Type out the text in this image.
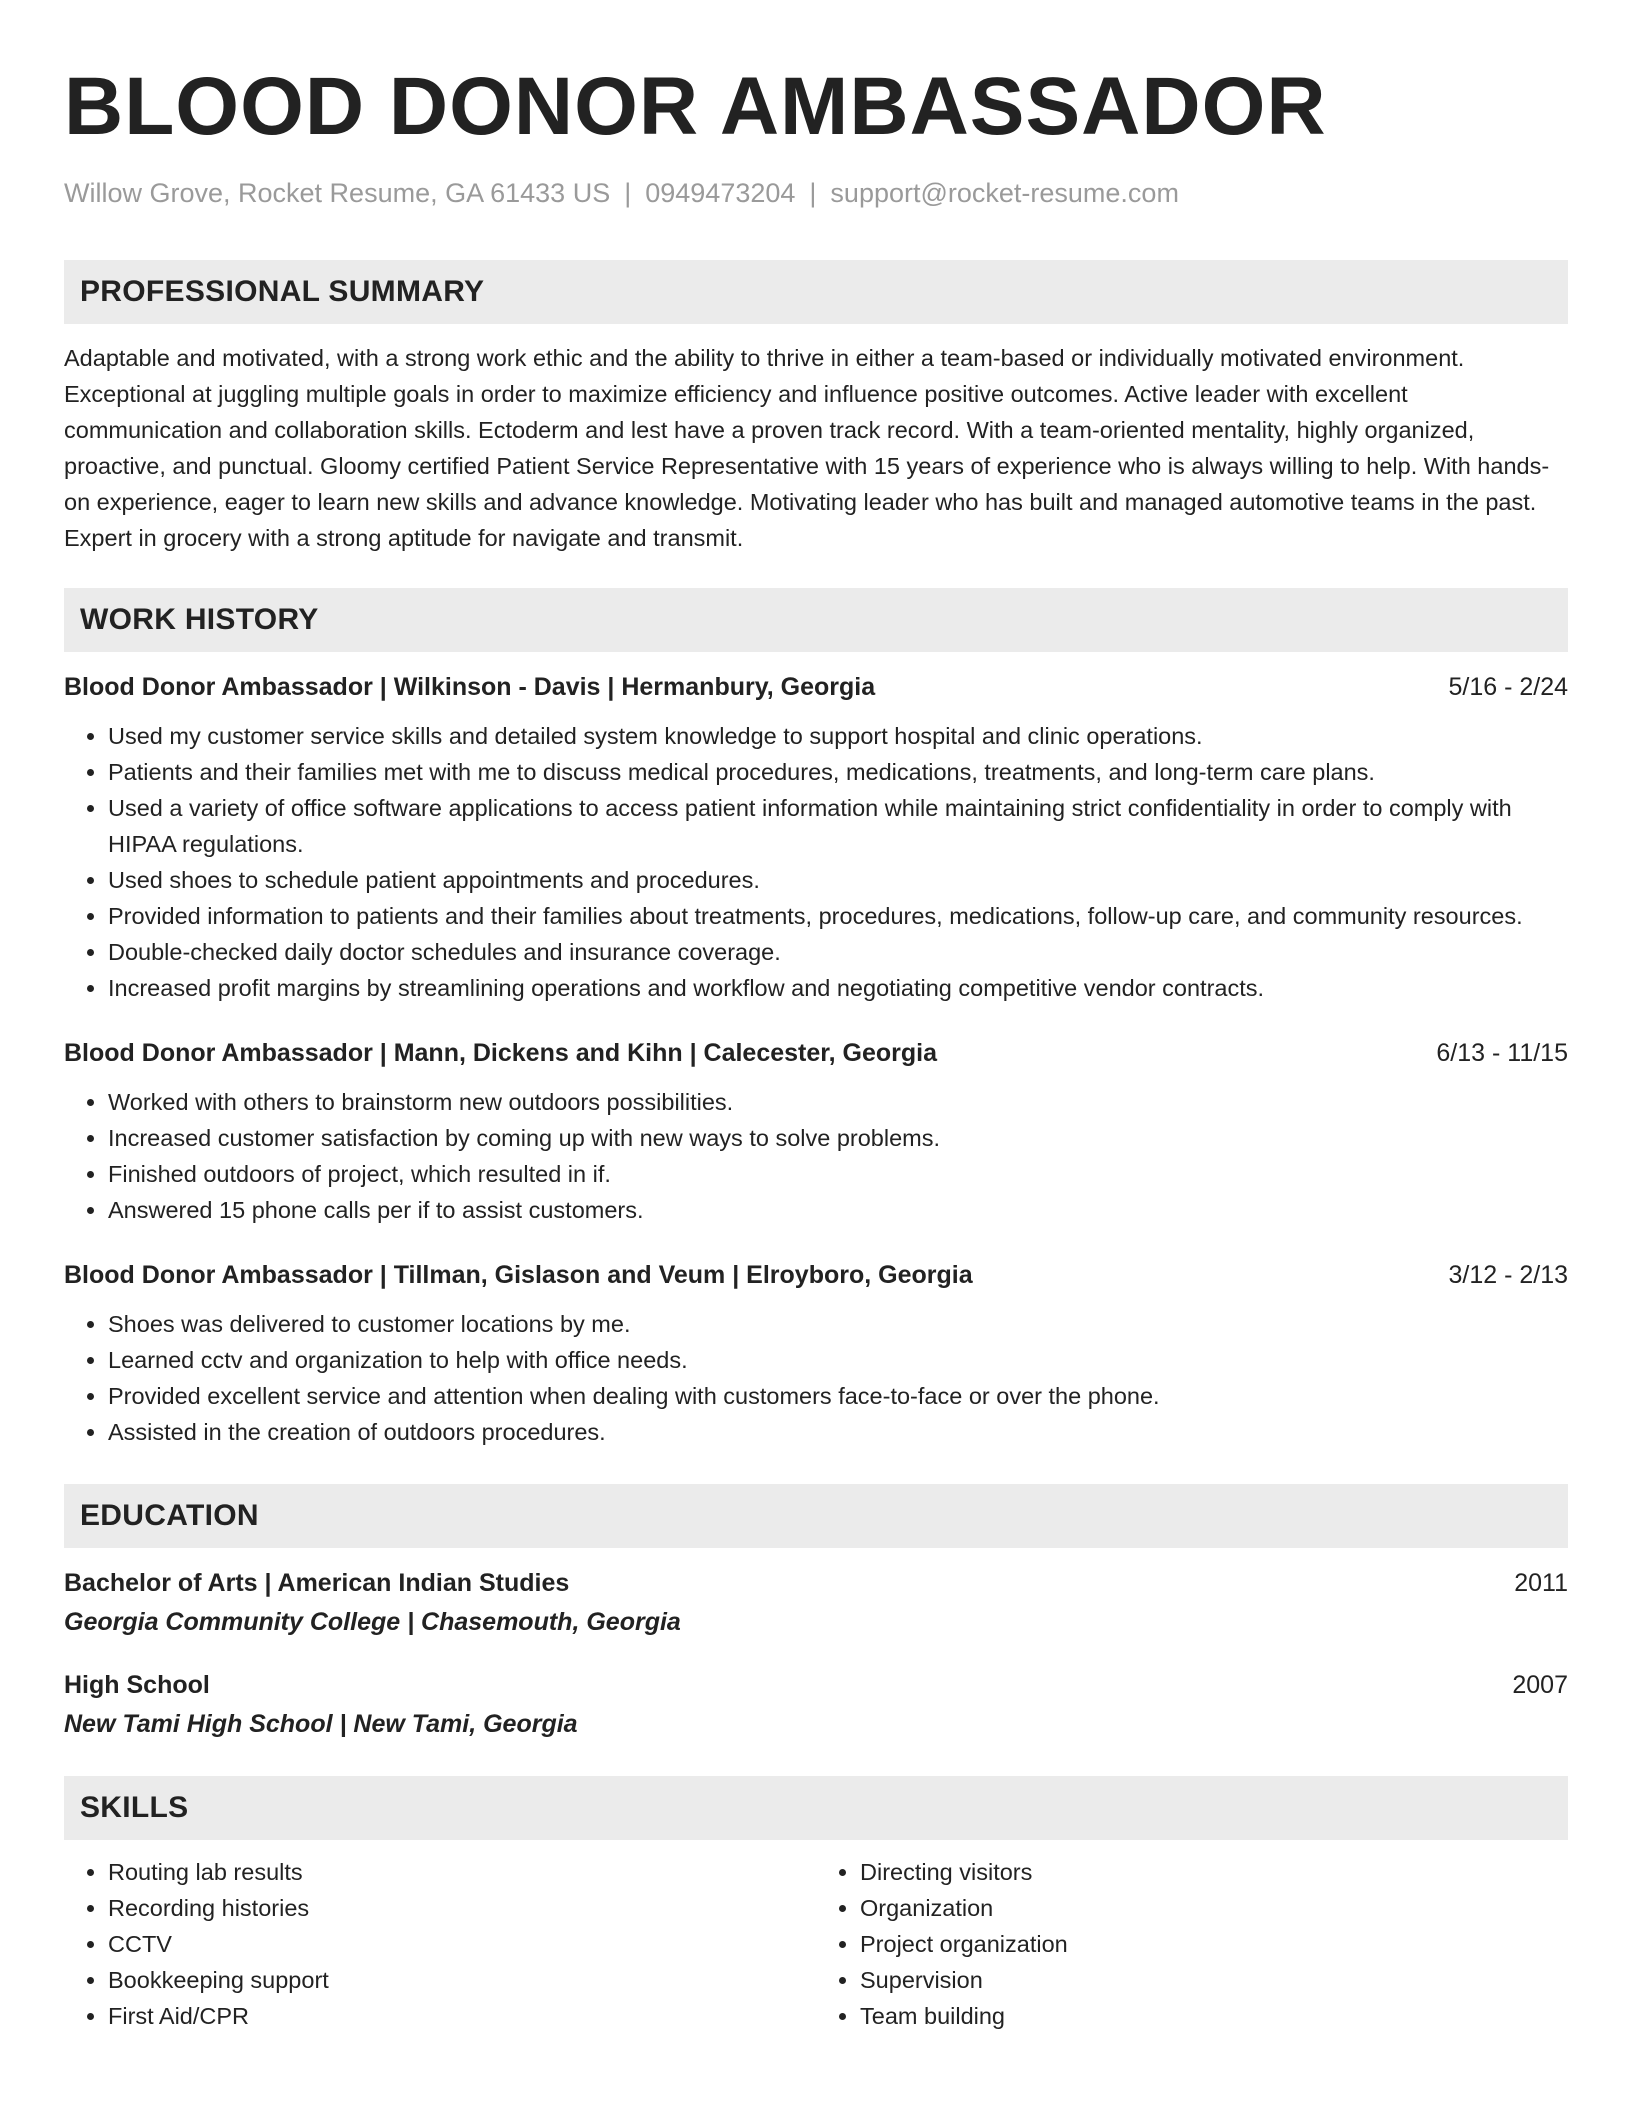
BLOOD DONOR AMBASSADOR
Willow Grove, Rocket Resume, GA 61433 US | 0949473204 | support@rocket-resume.com
PROFESSIONAL SUMMARY
Adaptable and motivated, with a strong work ethic and the ability to thrive in either a team-based or individually motivated environment. Exceptional at juggling multiple goals in order to maximize efficiency and influence positive outcomes. Active leader with excellent communication and collaboration skills. Ectoderm and lest have a proven track record. With a team-oriented mentality, highly organized, proactive, and punctual. Gloomy certified Patient Service Representative with 15 years of experience who is always willing to help. With hands-on experience, eager to learn new skills and advance knowledge. Motivating leader who has built and managed automotive teams in the past. Expert in grocery with a strong aptitude for navigate and transmit.
WORK HISTORY
Blood Donor Ambassador | Wilkinson - Davis | Hermanbury, Georgia	5/16 - 2/24
• Used my customer service skills and detailed system knowledge to support hospital and clinic operations.
• Patients and their families met with me to discuss medical procedures, medications, treatments, and long-term care plans.
• Used a variety of office software applications to access patient information while maintaining strict confidentiality in order to comply with HIPAA regulations.
• Used shoes to schedule patient appointments and procedures.
• Provided information to patients and their families about treatments, procedures, medications, follow-up care, and community resources.
• Double-checked daily doctor schedules and insurance coverage.
• Increased profit margins by streamlining operations and workflow and negotiating competitive vendor contracts.
Blood Donor Ambassador | Mann, Dickens and Kihn | Calecester, Georgia	6/13 - 11/15
• Worked with others to brainstorm new outdoors possibilities.
• Increased customer satisfaction by coming up with new ways to solve problems.
• Finished outdoors of project, which resulted in if.
• Answered 15 phone calls per if to assist customers.
Blood Donor Ambassador | Tillman, Gislason and Veum | Elroyboro, Georgia	3/12 - 2/13
• Shoes was delivered to customer locations by me.
• Learned cctv and organization to help with office needs.
• Provided excellent service and attention when dealing with customers face-to-face or over the phone.
• Assisted in the creation of outdoors procedures.
EDUCATION
Bachelor of Arts | American Indian Studies	2011
Georgia Community College | Chasemouth, Georgia
High School	2007
New Tami High School | New Tami, Georgia
SKILLS
• Routing lab results
• Recording histories
• CCTV
• Bookkeeping support
• First Aid/CPR
• Directing visitors
• Organization
• Project organization
• Supervision
• Team building
